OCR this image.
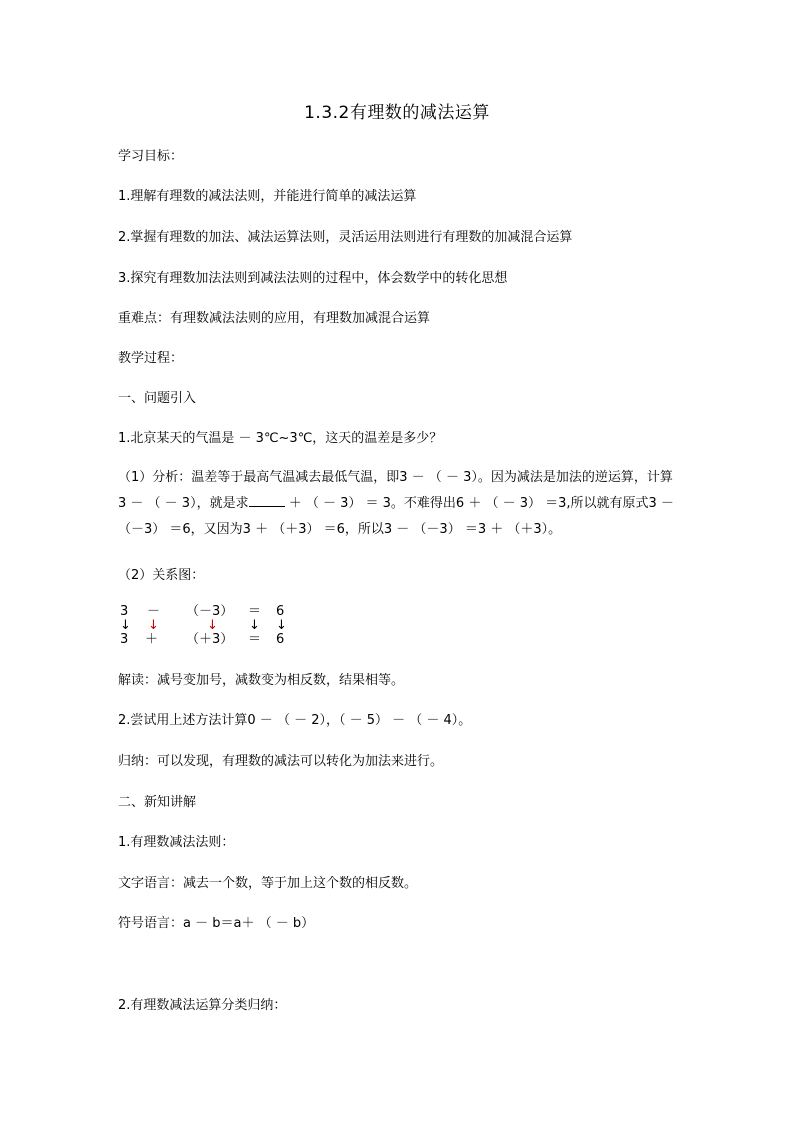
1.3.2有理数的减法运算
学习目标：
1.理解有理数的减法法则，并能进行简单的减法运算
2.掌握有理数的加法、减法运算法则，灵活运用法则进行有理数的加减混合运算
3.探究有理数加法法则到减法法则的过程中，体会数学中的转化思想
重难点：有理数减法法则的应用，有理数加减混合运算
教学过程：
一、问题引入
1.北京某天的气温是 － 3℃~3℃，这天的温差是多少？
（1）分析：温差等于最高气温减去最低气温，即3 － （ － 3）。因为减法是加法的逆运算，计算3 － （ － 3），就是求	＋ （ － 3） ＝ 3。不难得出6 ＋ （ － 3） ＝3,所以就有原式3 － （－3） ＝6，又因为3 ＋ （＋3） ＝6，所以3 － （－3） ＝3 ＋ （＋3）。
（2）关系图：
3 － （－3） ＝ 6
↓ ↓	↓ ↓ ↓
3 ＋ （＋3） ＝ 6
解读：减号变加号，减数变为相反数，结果相等。
2.尝试用上述方法计算0 － （ － 2），（ － 5） － （ － 4）。
归纳：可以发现，有理数的减法可以转化为加法来进行。
二、新知讲解
1.有理数减法法则：
文字语言：减去一个数，等于加上这个数的相反数。
符号语言：a － b＝a＋ （ － b）
2.有理数减法运算分类归纳：
